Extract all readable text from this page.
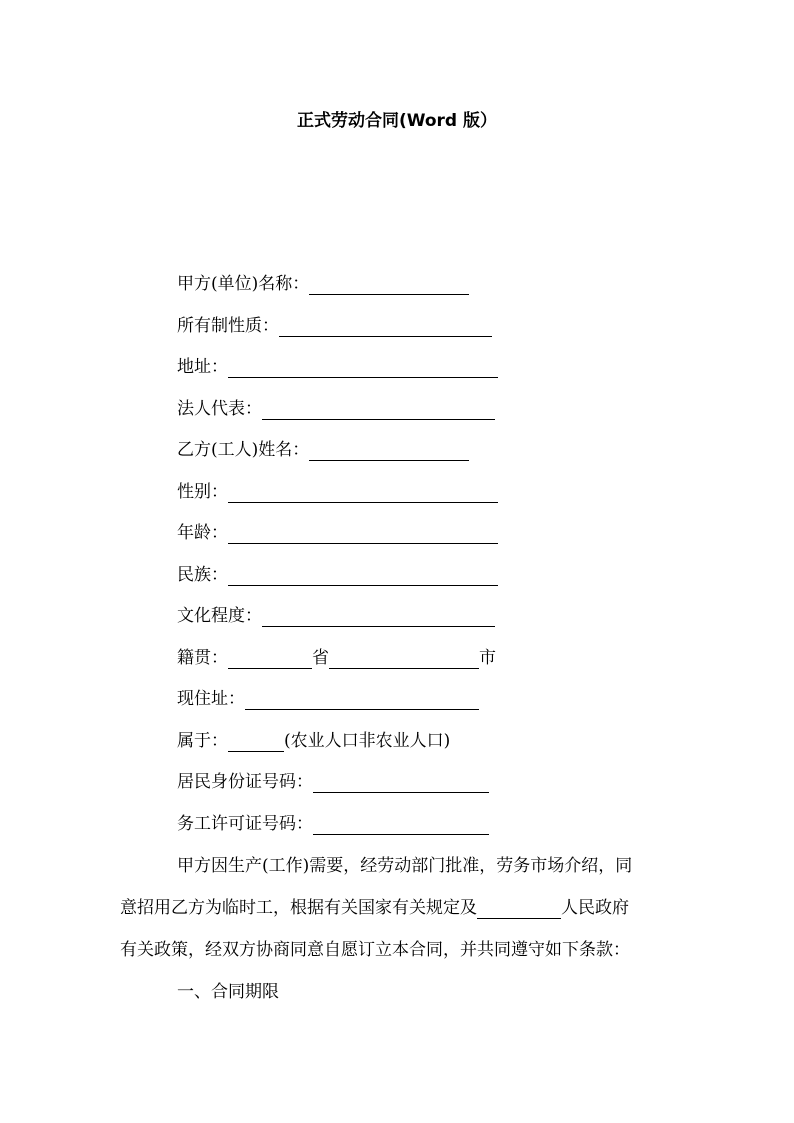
正式劳动合同(Word 版）
甲方(单位)名称：
所有制性质：
地址：
法人代表：
乙方(工人)姓名：
性别：
年龄：
民族：
文化程度：
籍贯：	省	市
现住址：
属于：	(农业人口非农业人口)
居民身份证号码：
务工许可证号码：
甲方因生产(工作)需要，经劳动部门批准，劳务市场介绍，同
意招用乙方为临时工，根据有关国家有关规定及	人民政府
有关政策，经双方协商同意自愿订立本合同，并共同遵守如下条款：
一、合同期限
